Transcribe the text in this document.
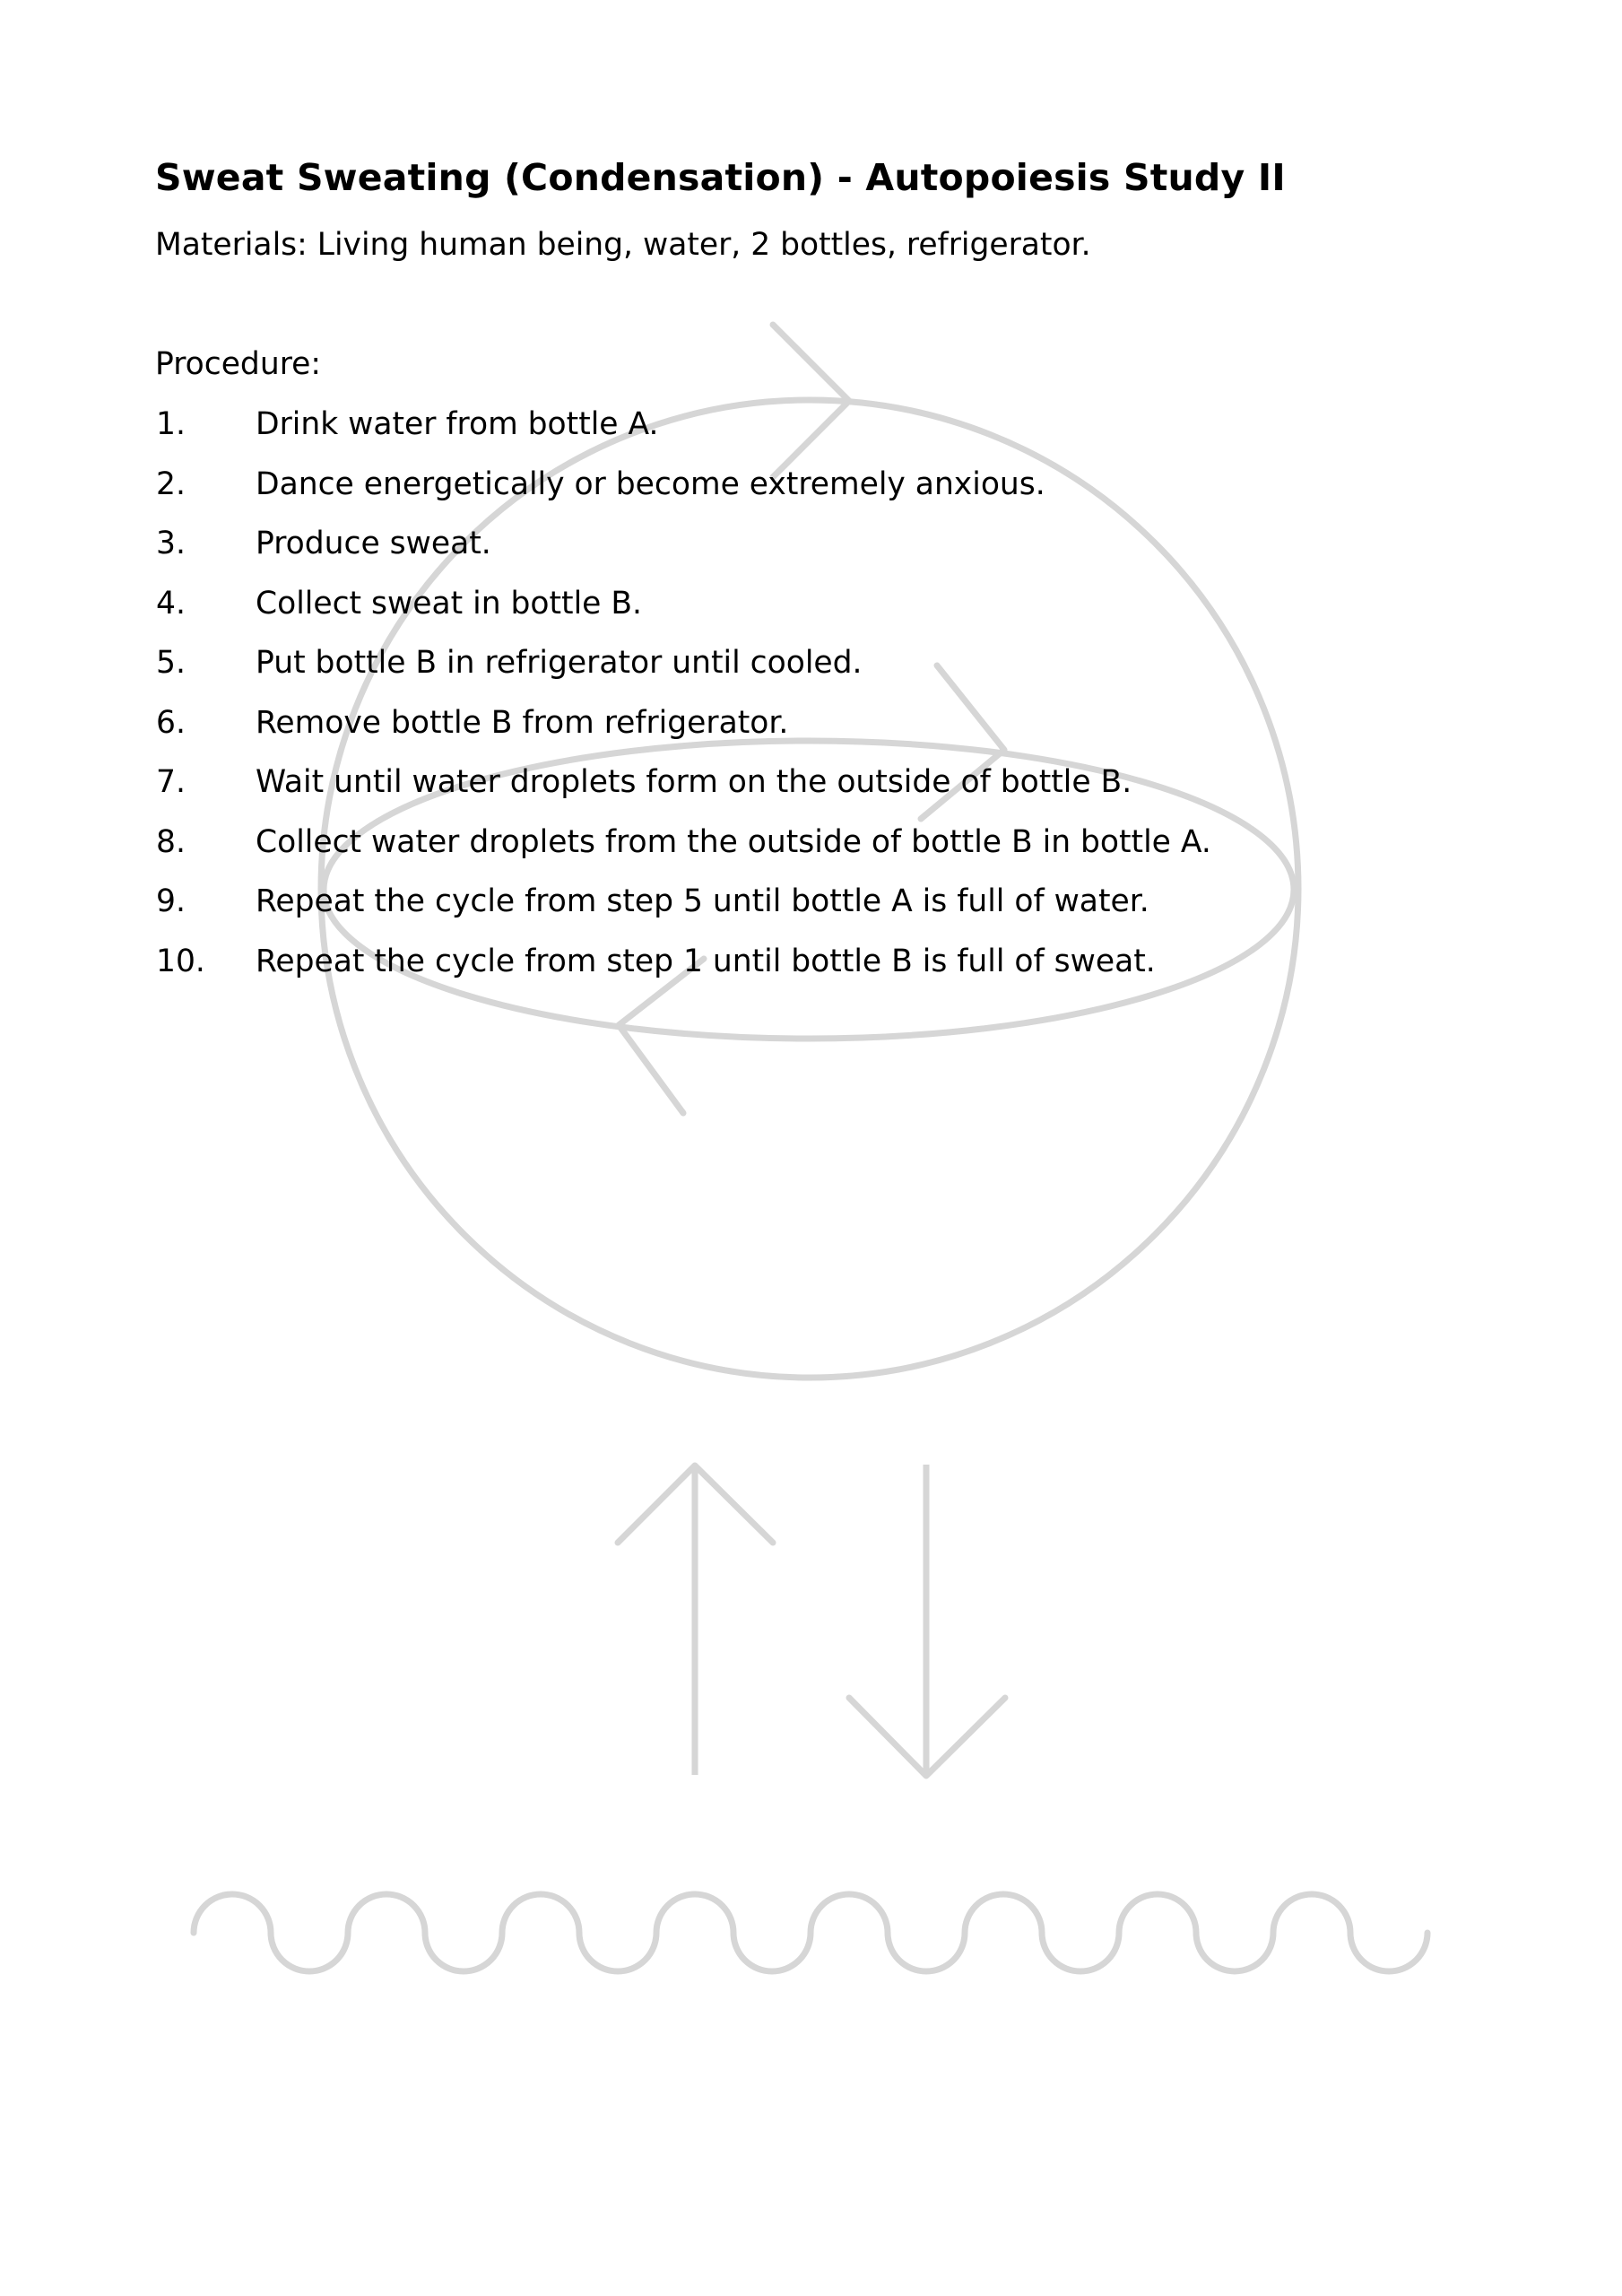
Sweat Sweating (Condensation) - Autopoiesis Study II
Materials: Living human being, water, 2 bottles, refrigerator.
Procedure:
1. Drink water from bottle A.
2. Dance energetically or become extremely anxious.
3. Produce sweat.
4. Collect sweat in bottle B.
5. Put bottle B in refrigerator until cooled.
6. Remove bottle B from refrigerator.
7. Wait until water droplets form on the outside of bottle B.
8. Collect water droplets from the outside of bottle B in bottle A.
9. Repeat the cycle from step 5 until bottle A is full of water.
10. Repeat the cycle from step 1 until bottle B is full of sweat.
